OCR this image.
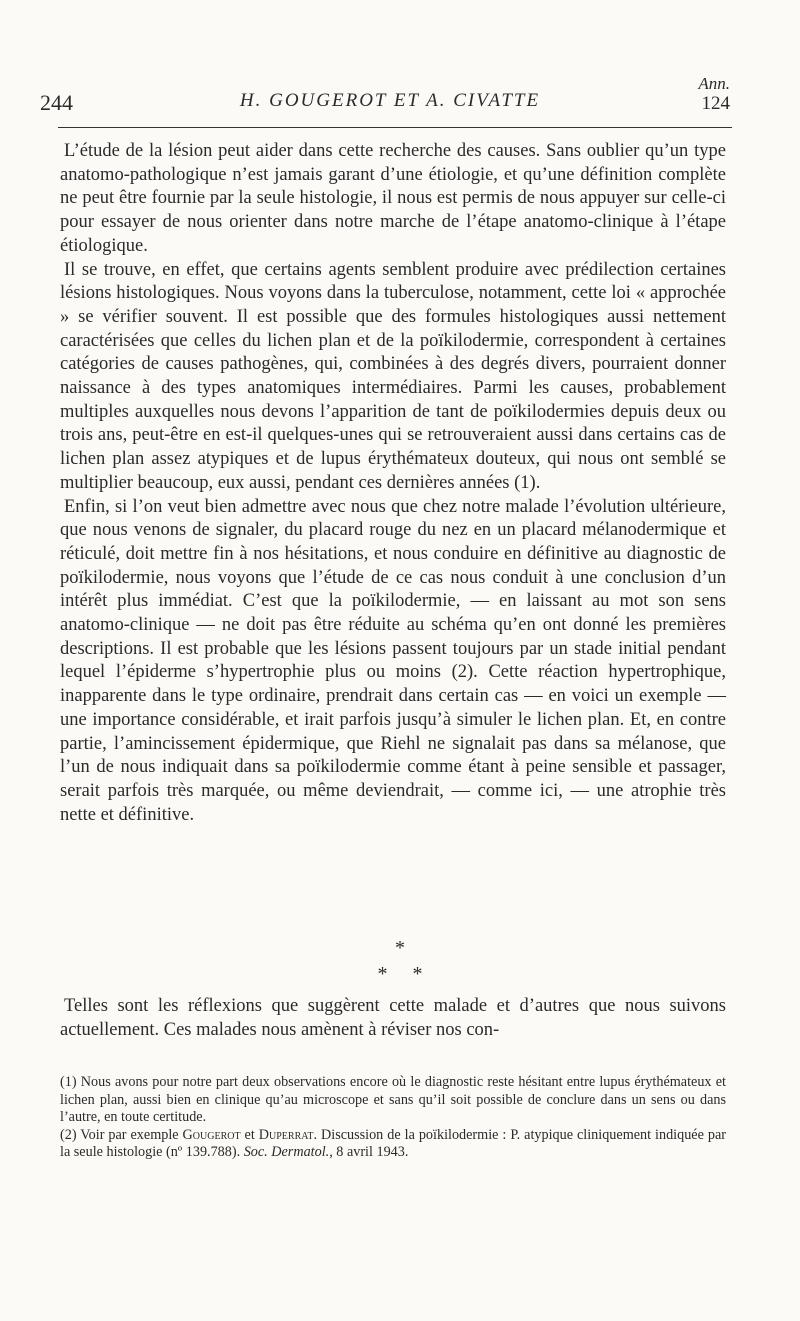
244	H. GOUGEROT ET A. CIVATTE
Ann.
124

L’étude de la lésion peut aider dans cette recherche des causes. Sans oublier qu’un type anatomo-pathologique n’est jamais garant d’une étiologie, et qu’une définition complète ne peut être fournie par la seule histologie, il nous est permis de nous appuyer sur celle-ci pour essayer de nous orienter dans notre marche de l’étape anatomo-clinique à l’étape étiologique.

Il se trouve, en effet, que certains agents semblent produire avec prédilection certaines lésions histologiques. Nous voyons dans la tuberculose, notamment, cette loi « approchée » se vérifier souvent. Il est possible que des formules histologiques aussi nettement caractérisées que celles du lichen plan et de la poïkilodermie, correspondent à certaines catégories de causes pathogènes, qui, combinées à des degrés divers, pourraient donner naissance à des types anatomiques intermédiaires. Parmi les causes, probablement multiples auxquelles nous devons l’apparition de tant de poïkilodermies depuis deux ou trois ans, peut-être en est-il quelques-unes qui se retrouveraient aussi dans certains cas de lichen plan assez atypiques et de lupus érythémateux douteux, qui nous ont semblé se multiplier beaucoup, eux aussi, pendant ces dernières années (1).

Enfin, si l’on veut bien admettre avec nous que chez notre malade l’évolution ultérieure, que nous venons de signaler, du placard rouge du nez en un placard mélanodermique et réticulé, doit mettre fin à nos hésitations, et nous conduire en définitive au diagnostic de poïkilodermie, nous voyons que l’étude de ce cas nous conduit à une conclusion d’un intérêt plus immédiat. C’est que la poïkilodermie, — en laissant au mot son sens anatomo-clinique — ne doit pas être réduite au schéma qu’en ont donné les premières descriptions. Il est probable que les lésions passent toujours par un stade initial pendant lequel l’épiderme s’hypertrophie plus ou moins (2). Cette réaction hypertrophique, inapparente dans le type ordinaire, prendrait dans certain cas — en voici un exemple — une importance considérable, et irait parfois jusqu’à simuler le lichen plan. Et, en contre partie, l’amincissement épidermique, que Riehl ne signalait pas dans sa mélanose, que l’un de nous indiquait dans sa poïkilodermie comme étant à peine sensible et passager, serait parfois très marquée, ou même deviendrait, — comme ici, — une atrophie très nette et définitive.

*
* *

Telles sont les réflexions que suggèrent cette malade et d’autres que nous suivons actuellement. Ces malades nous amènent à réviser nos con-

(1) Nous avons pour notre part deux observations encore où le diagnostic reste hésitant entre lupus érythémateux et lichen plan, aussi bien en clinique qu’au microscope et sans qu’il soit possible de conclure dans un sens ou dans l’autre, en toute certitude.

(2) Voir par exemple Gougerot et Duperrat. Discussion de la poïkilodermie : P. atypique cliniquement indiquée par la seule histologie (nº 139.788). Soc. Dermatol., 8 avril 1943.
